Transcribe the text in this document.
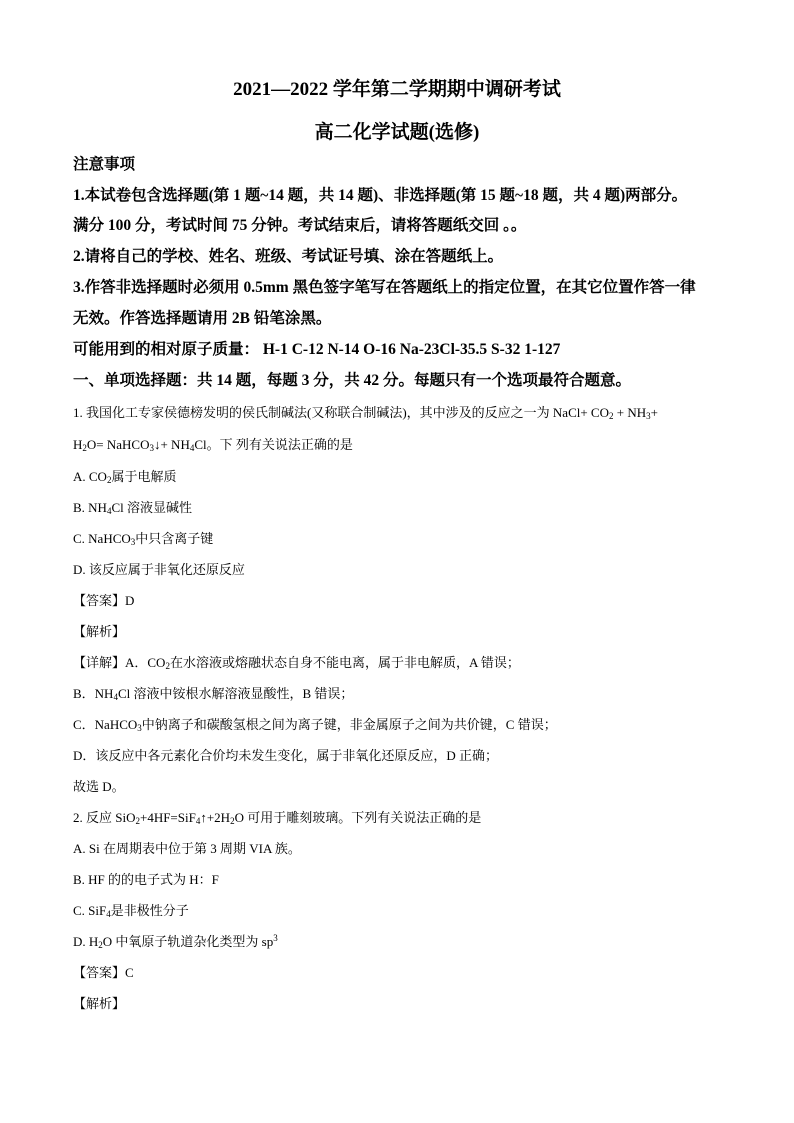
2021—2022 学年第二学期期中调研考试
高二化学试题(选修)
注意事项
1.本试卷包含选择题(第 1 题~14 题，共 14 题)、非选择题(第 15 题~18 题，共 4 题)两部分。
满分 100 分，考试时间 75 分钟。考试结束后，请将答题纸交回 。。
2.请将自己的学校、姓名、班级、考试证号填、涂在答题纸上。
3.作答非选择题时必须用 0.5mm 黑色签字笔写在答题纸上的指定位置，在其它位置作答一律
无效。作答选择题请用 2B 铅笔涂黑。
可能用到的相对原子质量： H-1 C-12 N-14 O-16 Na-23Cl-35.5 S-32 1-127
一、单项选择题：共 14 题，每题 3 分，共 42 分。每题只有一个选项最符合题意。
1. 我国化工专家侯德榜发明的侯氏制碱法(又称联合制碱法)，其中涉及的反应之一为 NaCl+ $CO_2 + NH_3+$
$H_2O=$ NaHCO$_3$↓+ $NH_4Cl$。下 列有关说法正确的是
A. $CO_2$属于电解质
B. $NH_4Cl$ 溶液显碱性
C. NaHCO$_3$中只含离子键
D. 该反应属于非氧化还原反应
【答案】D
【解析】
【详解】A．$CO_2$在水溶液或熔融状态自身不能电离，属于非电解质，A 错误；
B．$NH_4Cl$ 溶液中铵根水解溶液显酸性，B 错误；
C．NaHCO$_3$中钠离子和碳酸氢根之间为离子键，非金属原子之间为共价键，C 错误；
D．该反应中各元素化合价均未发生变化，属于非氧化还原反应，D 正确；
故选 D。
2. 反应 $SiO_2+4HF=SiF_4↑+2H_2O$ 可用于雕刻玻璃。下列有关说法正确的是
A. Si 在周期表中位于第 3 周期 VIA 族。
B. HF 的的电子式为 H：F
C. SiF$_4$是非极性分子
D. $H_2O$ 中氧原子轨道杂化类型为 $sp^3$
【答案】C
【解析】
